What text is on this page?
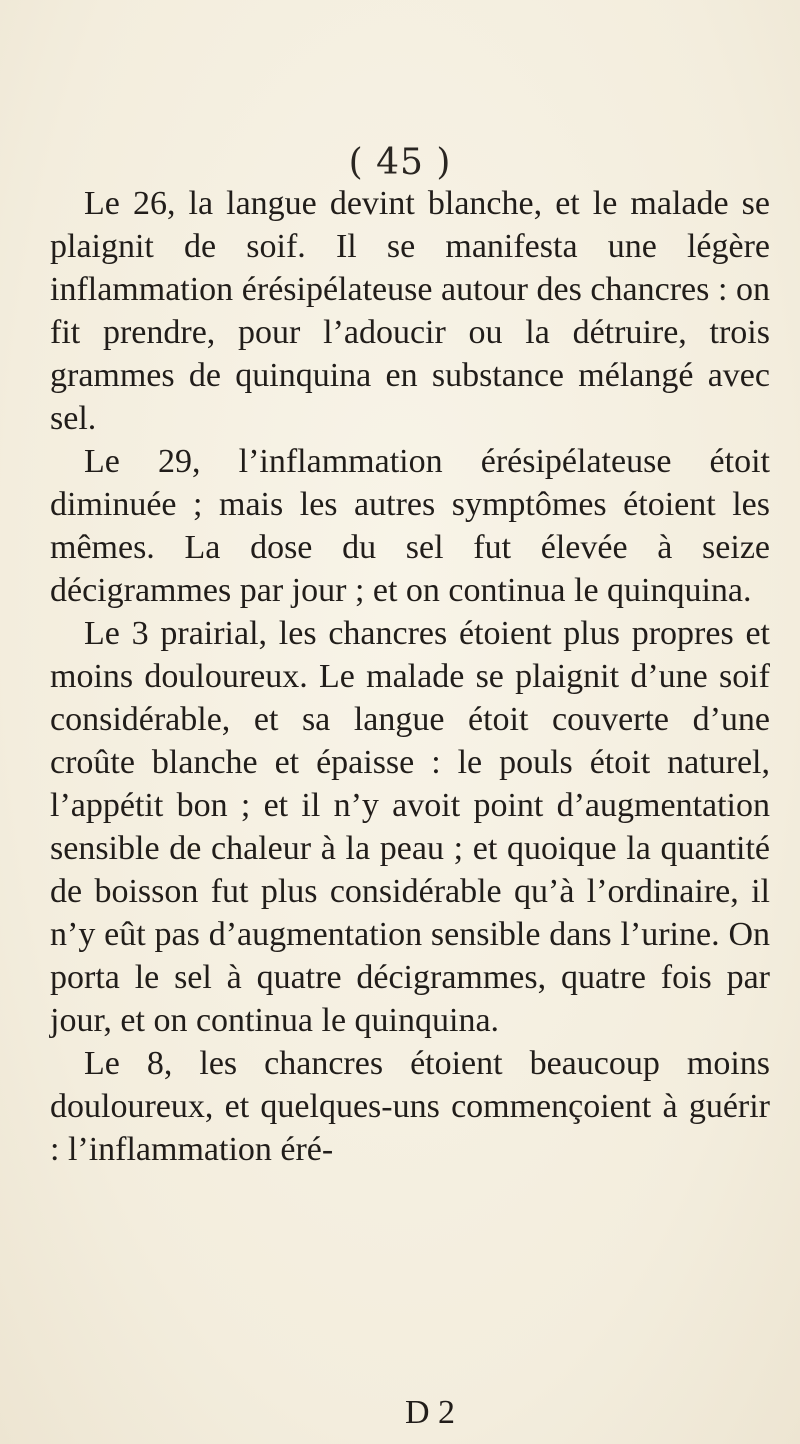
( 45 )

Le 26, la langue devint blanche, et le malade se plaignit de soif. Il se manifesta une légère inflammation érésipélateuse autour des chancres : on fit prendre, pour l’adoucir ou la détruire, trois grammes de quinquina en substance mélangé avec sel.

Le 29, l’inflammation érésipélateuse étoit diminuée ; mais les autres symptômes étoient les mêmes. La dose du sel fut élevée à seize décigrammes par jour ; et on continua le quinquina.

Le 3 prairial, les chancres étoient plus propres et moins douloureux. Le malade se plaignit d’une soif considérable, et sa langue étoit couverte d’une croûte blanche et épaisse : le pouls étoit naturel, l’appétit bon ; et il n’y avoit point d’augmentation sensible de chaleur à la peau ; et quoique la quantité de boisson fut plus considérable qu’à l’ordinaire, il n’y eût pas d’augmentation sensible dans l’urine. On porta le sel à quatre décigrammes, quatre fois par jour, et on continua le quinquina.

Le 8, les chancres étoient beaucoup moins douloureux, et quelques-uns commençoient à guérir : l’inflammation éré-

D 2
